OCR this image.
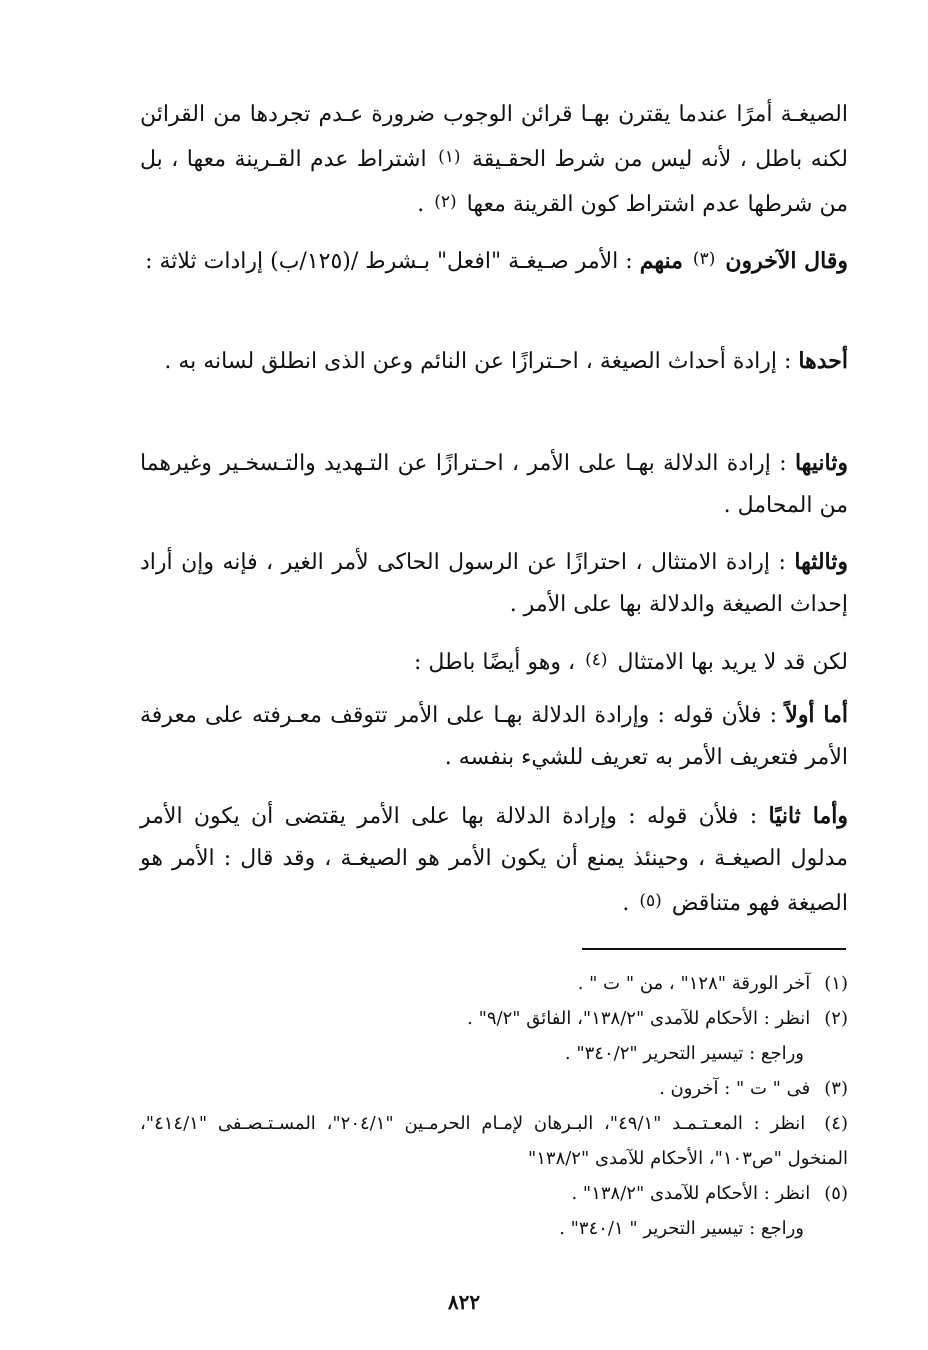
الصيغـة أمرًا عندما يقترن بهـا قرائن الوجوب ضرورة عـدم تجردها من القرائن لكنه باطل ، لأنه ليس من شرط الحقـيقة (١) اشتراط عدم القـرينة معها ، بل من شرطها عدم اشتراط كون القرينة معها (٢) .

وقال الآخرون (٣) منهم : الأمر صـيغـة "افعل" بـشرط /(١٢٥/ب) إرادات ثلاثة :

أحدها : إرادة أحداث الصيغة ، احـترازًا عن النائم وعن الذى انطلق لسانه به .

وثانيها : إرادة الدلالة بهـا على الأمر ، احـترازًا عن التـهديد والتـسخـير وغيرهما من المحامل .

وثالثها : إرادة الامتثال ، احترازًا عن الرسول الحاكى لأمر الغير ، فإنه وإن أراد إحداث الصيغة والدلالة بها على الأمر .

لكن قد لا يريد بها الامتثال (٤) ، وهو أيضًا باطل :

أما أولاً : فلأن قوله : وإرادة الدلالة بهـا على الأمر تتوقف معـرفته على معرفة الأمر فتعريف الأمر به تعريف للشيء بنفسه .

وأما ثانيًا : فلأن قوله : وإرادة الدلالة بها على الأمر يقتضى أن يكون الأمر مدلول الصيغـة ، وحينئذ يمنع أن يكون الأمر هو الصيغـة ، وقد قال : الأمر هو الصيغة فهو متناقض (٥) .

(١) آخر الورقة "١٢٨" ، من " ت " .

(٢) انظر : الأحكام للآمدى "١٣٨/٢"، الفائق "٩/٢" .

وراجع : تيسير التحرير "٣٤٠/٢" .

(٣) فى " ت " : آخرون .

(٤) انظر : المعـتـمـد "٤٩/١"، البـرهان لإمـام الحرمـين "٢٠٤/١"، المسـتـصـفى "٤١٤/١"، المنخول "ص١٠٣"، الأحكام للآمدى "١٣٨/٢"

(٥) انظر : الأحكام للآمدى "١٣٨/٢" .

وراجع : تيسير التحرير " ٣٤٠/١" .

٨٢٢
